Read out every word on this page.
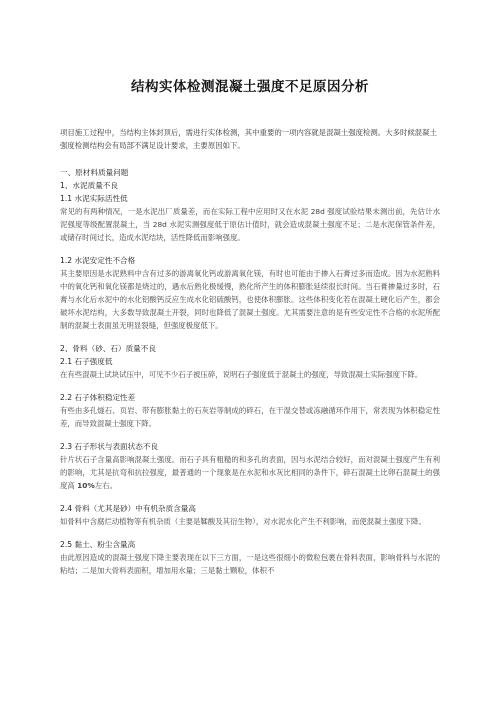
结构实体检测混凝土强度不足原因分析

项目施工过程中，当结构主体封顶后，需进行实体检测，其中重要的一项内容就是混凝土强度检测。大多时候混凝土强度检测结构会有局部不满足设计要求，主要原因如下。

一、原材料质量问题

1、水泥质量不良

1.1 水泥实际活性低

常见的有两种情况，一是水泥出厂质量差，而在实际工程中应用时又在水泥 28d 强度试验结果未测出前，先估计水泥强度等级配置混凝土，当 28d 水泥实测强度低于原估计值时，就会造成混凝土强度不足；二是水泥保管条件差，或储存时间过长，造成水泥结块，活性降低而影响强度。

1.2 水泥安定性不合格

其主要原因是水泥熟料中含有过多的游离氧化钙或游离氧化镁，有时也可能由于掺入石膏过多而造成。因为水泥熟料中的氧化钙和氧化镁都是烧过的，遇水后熟化极缓慢，熟化所产生的体积膨胀延续很长时间。当石膏掺量过多时，石膏与水化后水泥中的水化铝酸钙反应生成水化铝硫酸钙，也使体积膨胀。这些体积变化若在混凝土硬化后产生，都会破坏水泥结构，大多数导致混凝土开裂，同时也降低了混凝土强度。尤其需要注意的是有些安定性不合格的水泥所配制的混凝土表面虽无明显裂缝，但强度极度低下。

2、骨料（砂、石）质量不良

2.1 石子强度低

在有些混凝土试块试压中，可见不少石子被压碎，说明石子强度低于混凝土的强度，导致混凝土实际强度下降。

2.2 石子体积稳定性差

有些由多孔燧石、页岩、带有膨胀黏土的石灰岩等制成的碎石，在干湿交替或冻融循环作用下，常表现为体积稳定性差，而导致混凝土强度下降。

2.3 石子形状与表面状态不良

针片状石子含量高影响混凝土强度。而石子具有粗糙的和多孔的表面，因与水泥结合较好，而对混凝土强度产生有利的影响，尤其是抗弯和抗拉强度，最普通的一个现象是在水泥和水灰比相同的条件下，碎石混凝土比卵石混凝土的强度高 10%左右。

2.4 骨料（尤其是砂）中有机杂质含量高

如骨料中含腐烂动植物等有机杂质（主要是鞣酸及其衍生物），对水泥水化产生不利影响，而使混凝土强度下降。

2.5 黏土、粉尘含量高

由此原因造成的混凝土强度下降主要表现在以下三方面，一是这些很细小的微粒包裹在骨料表面，影响骨料与水泥的粘结；二是加大骨料表面积，增加用水量；三是黏土颗粒，体积不
